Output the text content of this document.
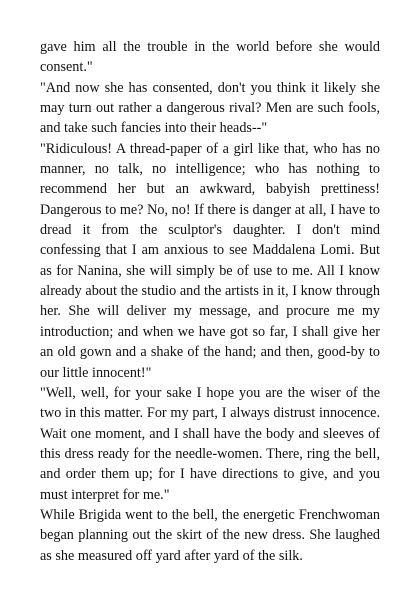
gave him all the trouble in the world before she would consent."

"And now she has consented, don't you think it likely she may turn out rather a dangerous rival? Men are such fools, and take such fancies into their heads--"

"Ridiculous! A thread-paper of a girl like that, who has no manner, no talk, no intelligence; who has nothing to recommend her but an awkward, babyish prettiness! Dangerous to me? No, no! If there is danger at all, I have to dread it from the sculptor's daughter. I don't mind confessing that I am anxious to see Maddalena Lomi. But as for Nanina, she will simply be of use to me. All I know already about the studio and the artists in it, I know through her. She will deliver my message, and procure me my introduction; and when we have got so far, I shall give her an old gown and a shake of the hand; and then, good-by to our little innocent!"

"Well, well, for your sake I hope you are the wiser of the two in this matter. For my part, I always distrust innocence. Wait one moment, and I shall have the body and sleeves of this dress ready for the needle-women. There, ring the bell, and order them up; for I have directions to give, and you must interpret for me."

While Brigida went to the bell, the energetic Frenchwoman began planning out the skirt of the new dress. She laughed as she measured off yard after yard of the silk.
